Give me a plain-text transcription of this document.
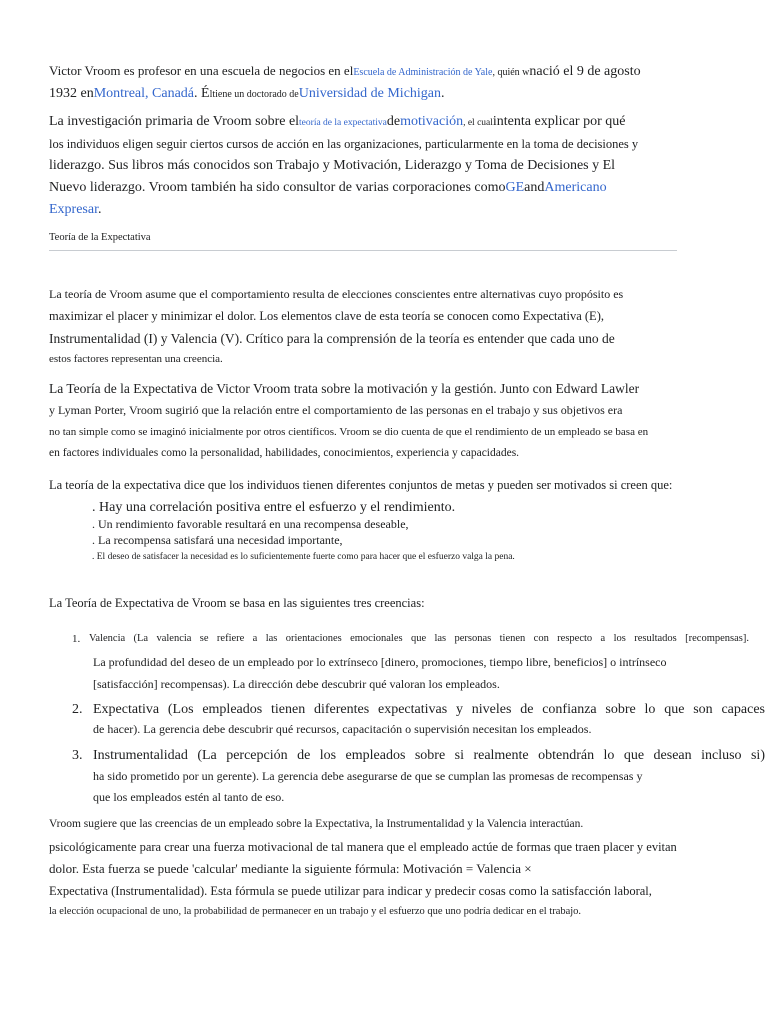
Victor Vroom es profesor en una escuela de negocios en elEscuela de Administración de Yale, quién wnació el 9 de agosto
1932 enMontreal, Canadá. Éltiene un doctorado deUniversidad de Michigan.
La investigación primaria de Vroom sobre elteoría de la expectativademotivación, el cualintenta explicar por qué
los individuos eligen seguir ciertos cursos de acción en las organizaciones, particularmente en la toma de decisiones y
liderazgo. Sus libros más conocidos son Trabajo y Motivación, Liderazgo y Toma de Decisiones y El
Nuevo liderazgo. Vroom también ha sido consultor de varias corporaciones comoGEandAmericano
Expresar.
Teoría de la Expectativa
La teoría de Vroom asume que el comportamiento resulta de elecciones conscientes entre alternativas cuyo propósito es
maximizar el placer y minimizar el dolor. Los elementos clave de esta teoría se conocen como Expectativa (E),
Instrumentalidad (I) y Valencia (V). Crítico para la comprensión de la teoría es entender que cada uno de
estos factores representan una creencia.
La Teoría de la Expectativa de Victor Vroom trata sobre la motivación y la gestión. Junto con Edward Lawler
y Lyman Porter, Vroom sugirió que la relación entre el comportamiento de las personas en el trabajo y sus objetivos era
no tan simple como se imaginó inicialmente por otros científicos. Vroom se dio cuenta de que el rendimiento de un empleado se basa en
en factores individuales como la personalidad, habilidades, conocimientos, experiencia y capacidades.
La teoría de la expectativa dice que los individuos tienen diferentes conjuntos de metas y pueden ser motivados si creen que:
. Hay una correlación positiva entre el esfuerzo y el rendimiento.
. Un rendimiento favorable resultará en una recompensa deseable,
. La recompensa satisfará una necesidad importante,
. El deseo de satisfacer la necesidad es lo suficientemente fuerte como para hacer que el esfuerzo valga la pena.
La Teoría de Expectativa de Vroom se basa en las siguientes tres creencias:
1. Valencia (La valencia se refiere a las orientaciones emocionales que las personas tienen con respecto a los resultados [recompensas].
La profundidad del deseo de un empleado por lo extrínseco [dinero, promociones, tiempo libre, beneficios] o intrínseco
[satisfacción] recompensas). La dirección debe descubrir qué valoran los empleados.
2. Expectativa (Los empleados tienen diferentes expectativas y niveles de confianza sobre lo que son capaces
de hacer). La gerencia debe descubrir qué recursos, capacitación o supervisión necesitan los empleados.
3. Instrumentalidad (La percepción de los empleados sobre si realmente obtendrán lo que desean incluso si)
ha sido prometido por un gerente). La gerencia debe asegurarse de que se cumplan las promesas de recompensas y
que los empleados estén al tanto de eso.
Vroom sugiere que las creencias de un empleado sobre la Expectativa, la Instrumentalidad y la Valencia interactúan.
psicológicamente para crear una fuerza motivacional de tal manera que el empleado actúe de formas que traen placer y evitan
dolor. Esta fuerza se puede 'calcular' mediante la siguiente fórmula: Motivación = Valencia ×
Expectativa (Instrumentalidad). Esta fórmula se puede utilizar para indicar y predecir cosas como la satisfacción laboral,
la elección ocupacional de uno, la probabilidad de permanecer en un trabajo y el esfuerzo que uno podría dedicar en el trabajo.
